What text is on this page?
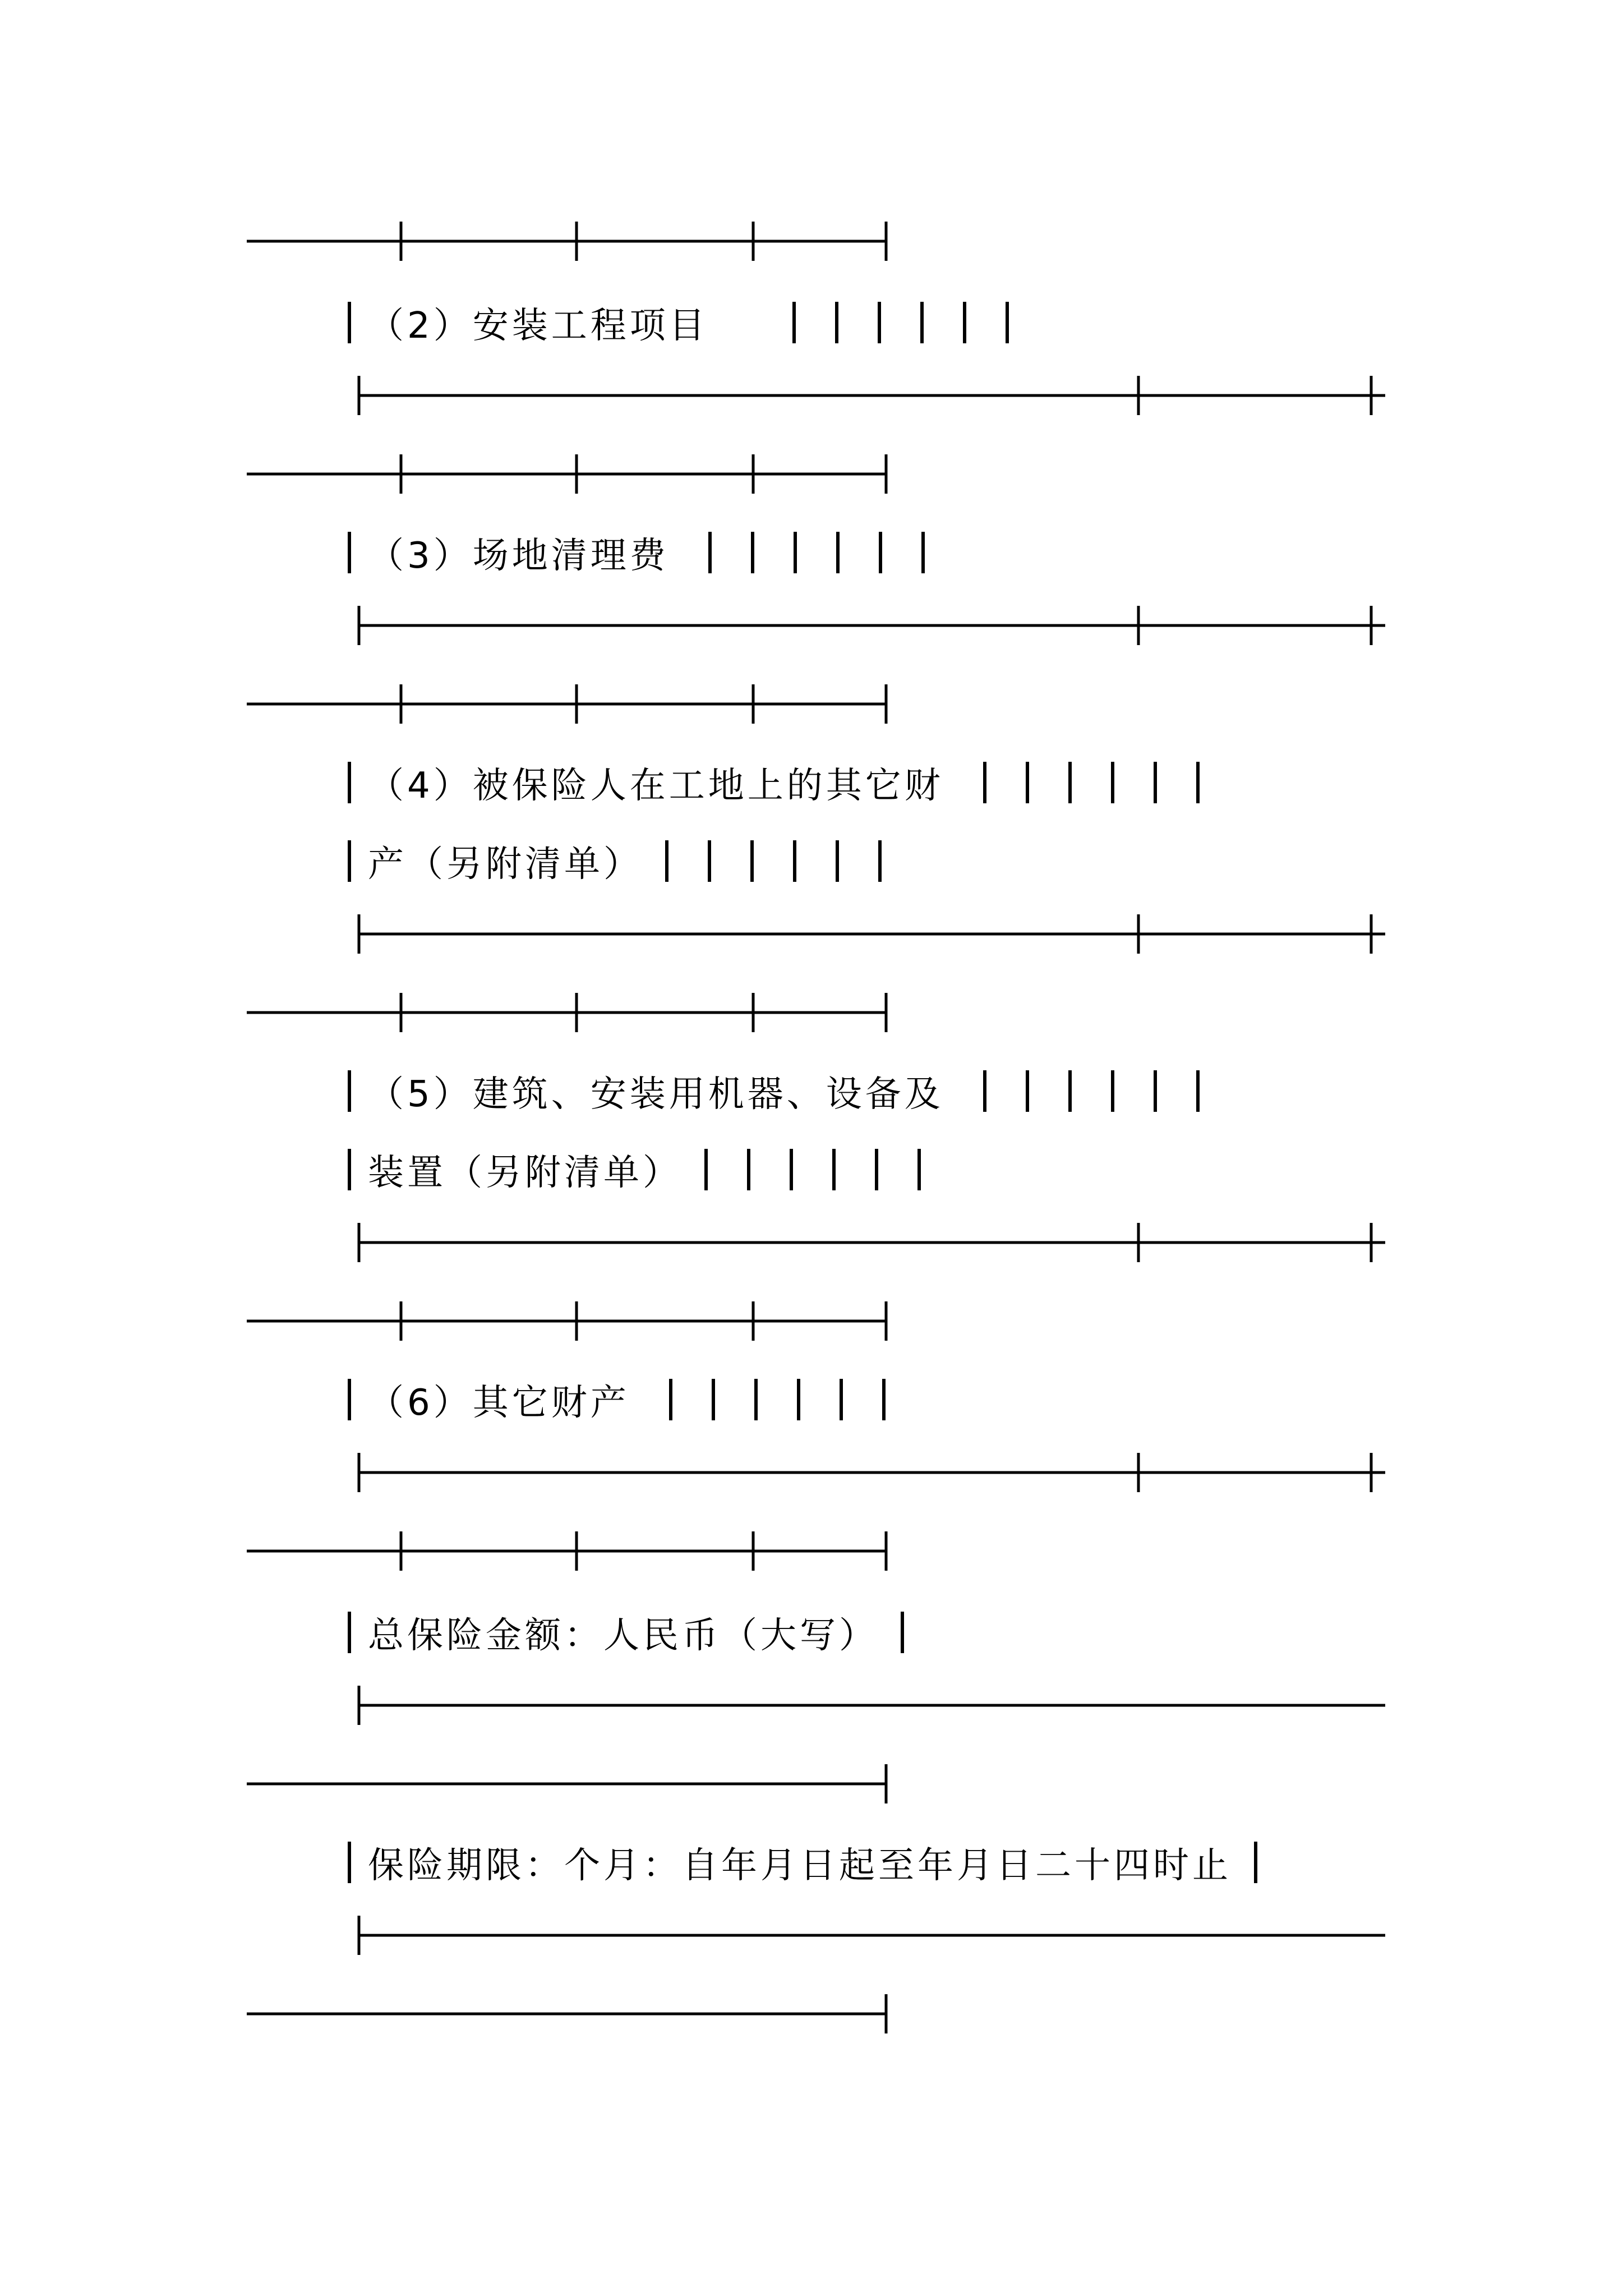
（2）安装工程项目
（3）场地清理费
（4）被保险人在工地上的其它财
产（另附清单）
（5）建筑、安装用机器、设备及
装置（另附清单）
（6）其它财产
总保险金额：人民币（大写）
保险期限：个月：自年月日起至年月日二十四时止
